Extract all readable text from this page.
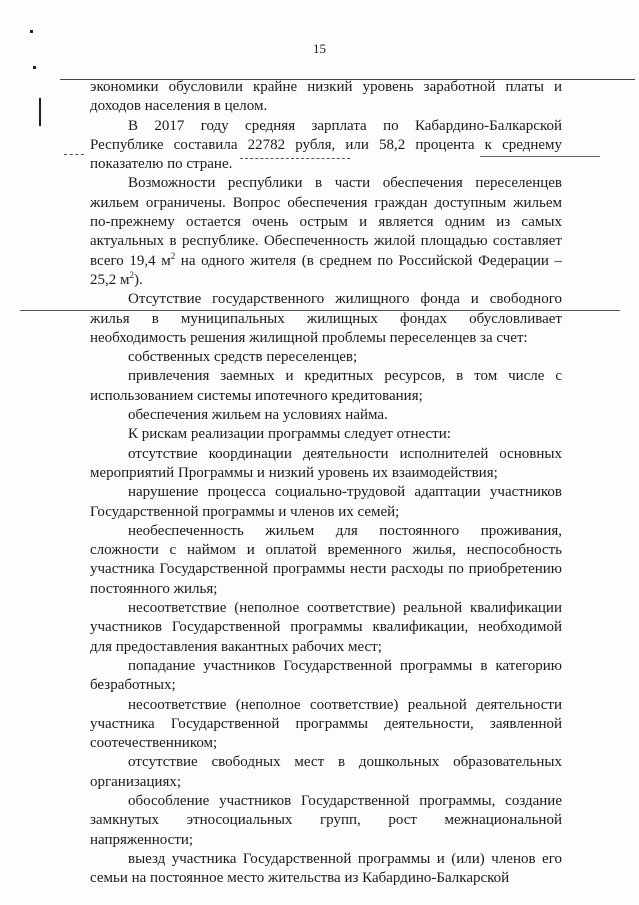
15

экономики обусловили крайне низкий уровень заработной платы и доходов населения в целом.

В 2017 году средняя зарплата по Кабардино-Балкарской Республике составила 22782 рубля, или 58,2 процента к среднему показателю по стране.

Возможности республики в части обеспечения переселенцев жильем ограничены. Вопрос обеспечения граждан доступным жильем по-прежнему остается очень острым и является одним из самых актуальных в республике. Обеспеченность жилой площадью составляет всего 19,4 $м^2$ на одного жителя (в среднем по Российской Федерации – 25,2 $м^2$).

Отсутствие государственного жилищного фонда и свободного жилья в муниципальных жилищных фондах обусловливает необходимость решения жилищной проблемы переселенцев за счет:

собственных средств переселенцев;

привлечения заемных и кредитных ресурсов, в том числе с использованием системы ипотечного кредитования;

обеспечения жильем на условиях найма.

К рискам реализации программы следует отнести:

отсутствие координации деятельности исполнителей основных мероприятий Программы и низкий уровень их взаимодействия;

нарушение процесса социально-трудовой адаптации участников Государственной программы и членов их семей;

необеспеченность жильем для постоянного проживания, сложности с наймом и оплатой временного жилья, неспособность участника Государственной программы нести расходы по приобретению постоянного жилья;

несоответствие (неполное соответствие) реальной квалификации участников Государственной программы квалификации, необходимой для предоставления вакантных рабочих мест;

попадание участников Государственной программы в категорию безработных;

несоответствие (неполное соответствие) реальной деятельности участника Государственной программы деятельности, заявленной соотечественником;

отсутствие свободных мест в дошкольных образовательных организациях;

обособление участников Государственной программы, создание замкнутых этносоциальных групп, рост межнациональной напряженности;

выезд участника Государственной программы и (или) членов его семьи на постоянное место жительства из Кабардино-Балкарской
